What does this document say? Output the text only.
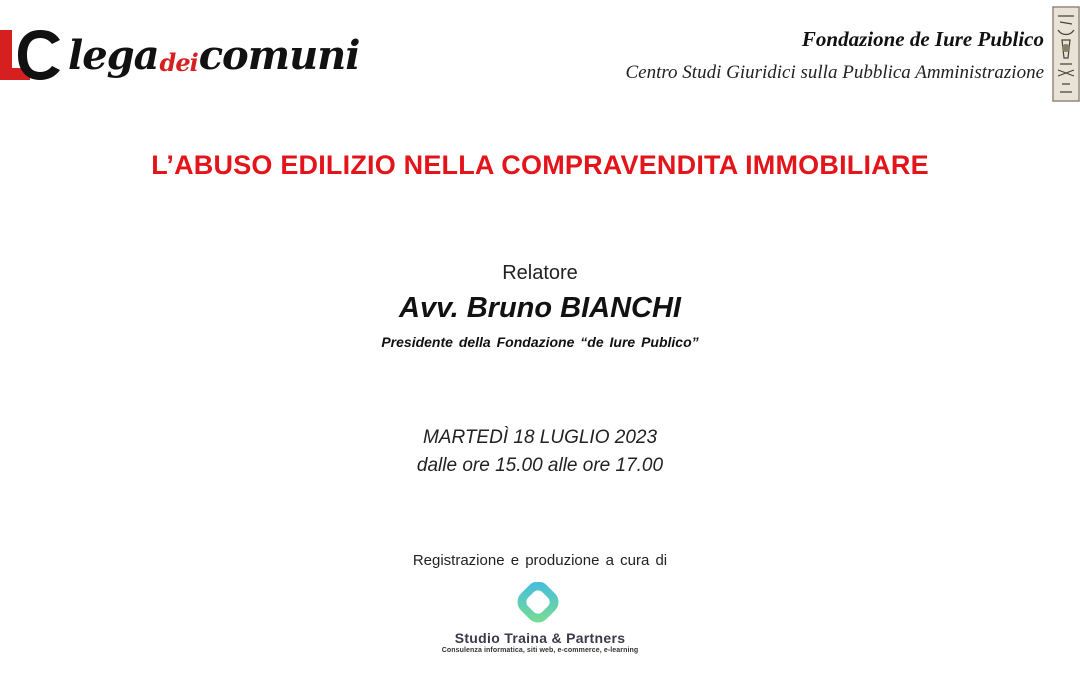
legadeicomuni	Fondazione de Iure Publico
Centro Studi Giuridici sulla Pubblica Amministrazione
L’ABUSO EDILIZIO NELLA COMPRAVENDITA IMMOBILIARE
Relatore
Avv. Bruno BIANCHI
Presidente della Fondazione “de Iure Publico”
MARTEDÌ 18 LUGLIO 2023
dalle ore 15.00 alle ore 17.00
Registrazione e produzione a cura di
Studio Traina & Partners
Consulenza informatica, siti web, e-commerce, e-learning
